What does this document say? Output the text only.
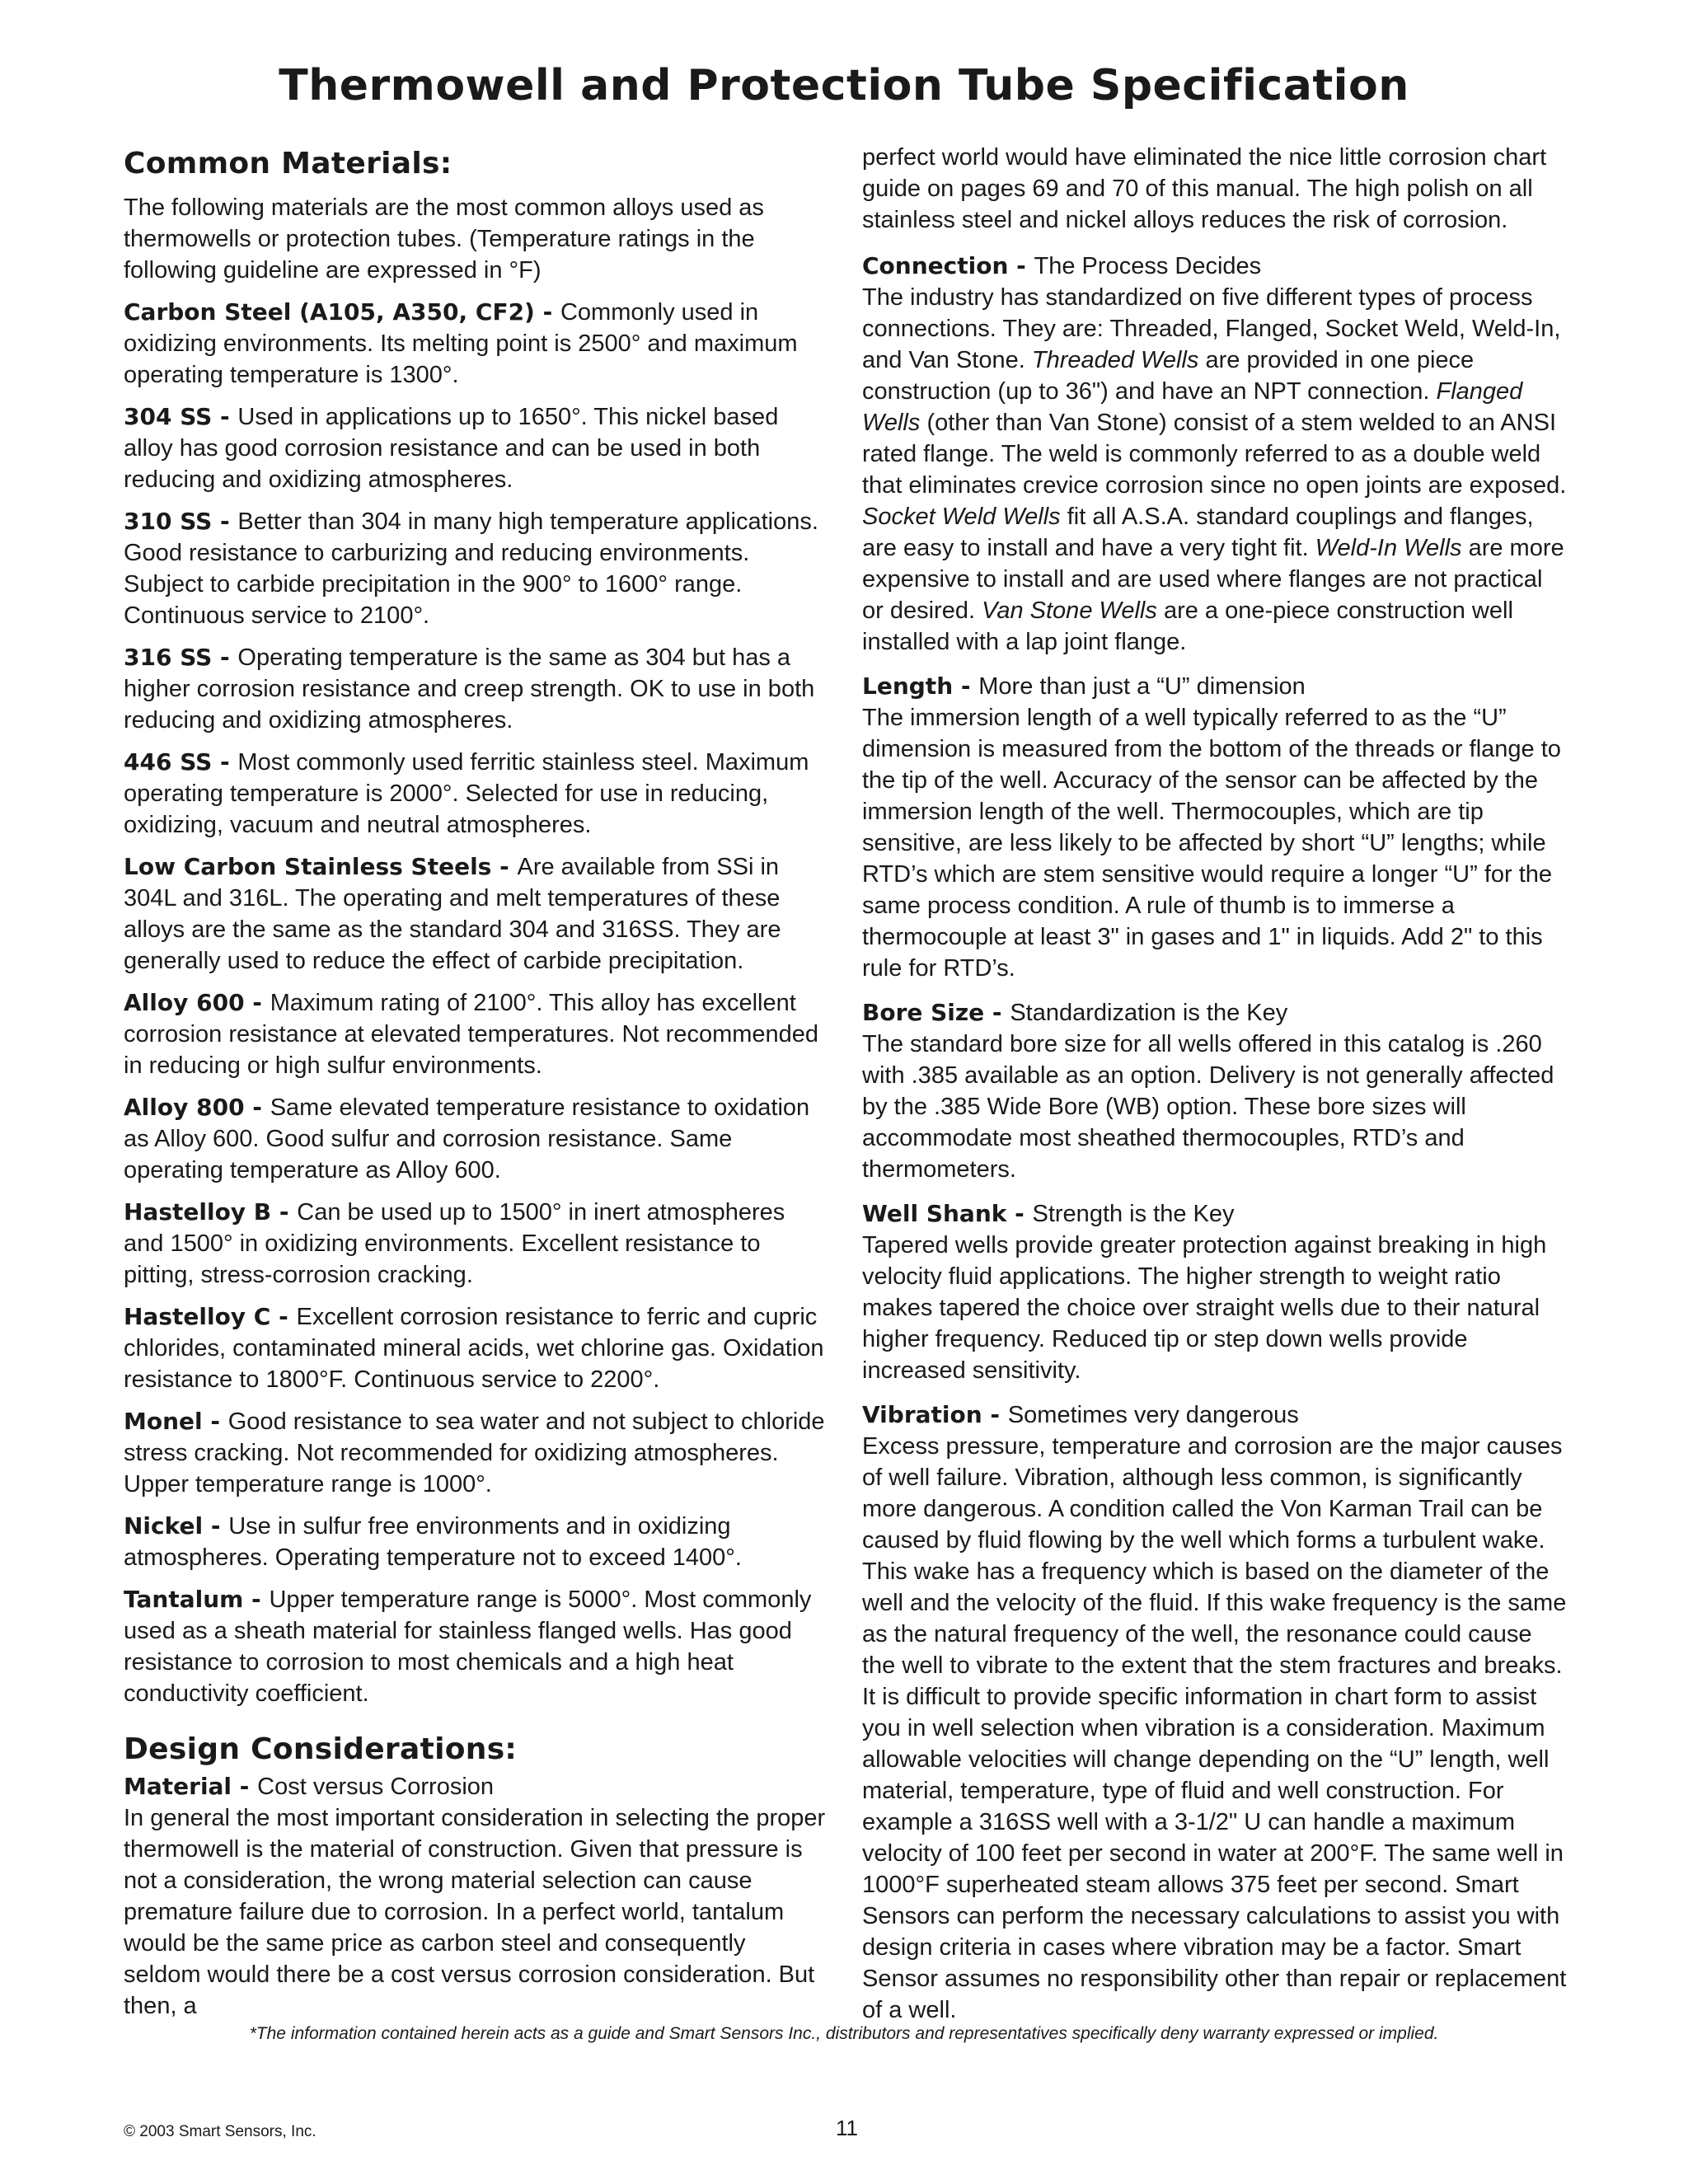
Thermowell and Protection Tube Specification
Common Materials:

The following materials are the most common alloys used as thermowells or protection tubes. (Temperature ratings in the following guideline are expressed in °F)

Carbon Steel (A105, A350, CF2) - Commonly used in oxidizing environments. Its melting point is 2500° and maximum operating temperature is 1300°.

304 SS - Used in applications up to 1650°. This nickel based alloy has good corrosion resistance and can be used in both reducing and oxidizing atmospheres.

310 SS - Better than 304 in many high temperature applications. Good resistance to carburizing and reducing environments. Subject to carbide precipitation in the 900° to 1600° range. Continuous service to 2100°.

316 SS - Operating temperature is the same as 304 but has a higher corrosion resistance and creep strength. OK to use in both reducing and oxidizing atmospheres.

446 SS - Most commonly used ferritic stainless steel. Maximum operating temperature is 2000°. Selected for use in reducing, oxidizing, vacuum and neutral atmospheres.

Low Carbon Stainless Steels - Are available from SSi in 304L and 316L. The operating and melt temperatures of these alloys are the same as the standard 304 and 316SS. They are generally used to reduce the effect of carbide precipitation.

Alloy 600 - Maximum rating of 2100°. This alloy has excellent corrosion resistance at elevated temperatures. Not recommended in reducing or high sulfur environments.

Alloy 800 - Same elevated temperature resistance to oxidation as Alloy 600. Good sulfur and corrosion resistance. Same operating temperature as Alloy 600.

Hastelloy B - Can be used up to 1500° in inert atmospheres and 1500° in oxidizing environments. Excellent resistance to pitting, stress-corrosion cracking.

Hastelloy C - Excellent corrosion resistance to ferric and cupric chlorides, contaminated mineral acids, wet chlorine gas. Oxidation resistance to 1800°F. Continuous service to 2200°.

Monel - Good resistance to sea water and not subject to chloride stress cracking. Not recommended for oxidizing atmospheres. Upper temperature range is 1000°.

Nickel - Use in sulfur free environments and in oxidizing atmospheres. Operating temperature not to exceed 1400°.

Tantalum - Upper temperature range is 5000°. Most commonly used as a sheath material for stainless flanged wells. Has good resistance to corrosion to most chemicals and a high heat conductivity coefficient.

Design Considerations:

Material - Cost versus Corrosion

In general the most important consideration in selecting the proper thermowell is the material of construction. Given that pressure is not a consideration, the wrong material selection can cause premature failure due to corrosion. In a perfect world, tantalum would be the same price as carbon steel and consequently seldom would there be a cost versus corrosion consideration. But then, a

perfect world would have eliminated the nice little corrosion chart guide on pages 69 and 70 of this manual. The high polish on all stainless steel and nickel alloys reduces the risk of corrosion.

Connection - The Process Decides

The industry has standardized on five different types of process connections. They are: Threaded, Flanged, Socket Weld, Weld-In, and Van Stone. Threaded Wells are provided in one piece construction (up to 36") and have an NPT connection. Flanged Wells (other than Van Stone) consist of a stem welded to an ANSI rated flange. The weld is commonly referred to as a double weld that eliminates crevice corrosion since no open joints are exposed. Socket Weld Wells fit all A.S.A. standard couplings and flanges, are easy to install and have a very tight fit. Weld-In Wells are more expensive to install and are used where flanges are not practical or desired. Van Stone Wells are a one-piece construction well installed with a lap joint flange.

Length - More than just a “U” dimension

The immersion length of a well typically referred to as the “U” dimension is measured from the bottom of the threads or flange to the tip of the well. Accuracy of the sensor can be affected by the immersion length of the well. Thermocouples, which are tip sensitive, are less likely to be affected by short “U” lengths; while RTD’s which are stem sensitive would require a longer “U” for the same process condition. A rule of thumb is to immerse a thermocouple at least 3" in gases and 1" in liquids. Add 2" to this rule for RTD’s.

Bore Size - Standardization is the Key

The standard bore size for all wells offered in this catalog is .260 with .385 available as an option. Delivery is not generally affected by the .385 Wide Bore (WB) option. These bore sizes will accommodate most sheathed thermocouples, RTD’s and thermometers.

Well Shank - Strength is the Key

Tapered wells provide greater protection against breaking in high velocity fluid applications. The higher strength to weight ratio makes tapered the choice over straight wells due to their natural higher frequency. Reduced tip or step down wells provide increased sensitivity.

Vibration - Sometimes very dangerous

Excess pressure, temperature and corrosion are the major causes of well failure. Vibration, although less common, is significantly more dangerous. A condition called the Von Karman Trail can be caused by fluid flowing by the well which forms a turbulent wake. This wake has a frequency which is based on the diameter of the well and the velocity of the fluid. If this wake frequency is the same as the natural frequency of the well, the resonance could cause the well to vibrate to the extent that the stem fractures and breaks. It is difficult to provide specific information in chart form to assist you in well selection when vibration is a consideration. Maximum allowable velocities will change depending on the “U” length, well material, temperature, type of fluid and well construction. For example a 316SS well with a 3-1/2" U can handle a maximum velocity of 100 feet per second in water at 200°F. The same well in 1000°F superheated steam allows 375 feet per second. Smart Sensors can perform the necessary calculations to assist you with design criteria in cases where vibration may be a factor. Smart Sensor assumes no responsibility other than repair or replacement of a well.

*The information contained herein acts as a guide and Smart Sensors Inc., distributors and representatives specifically deny warranty expressed or implied.

© 2003 Smart Sensors, Inc.	11
